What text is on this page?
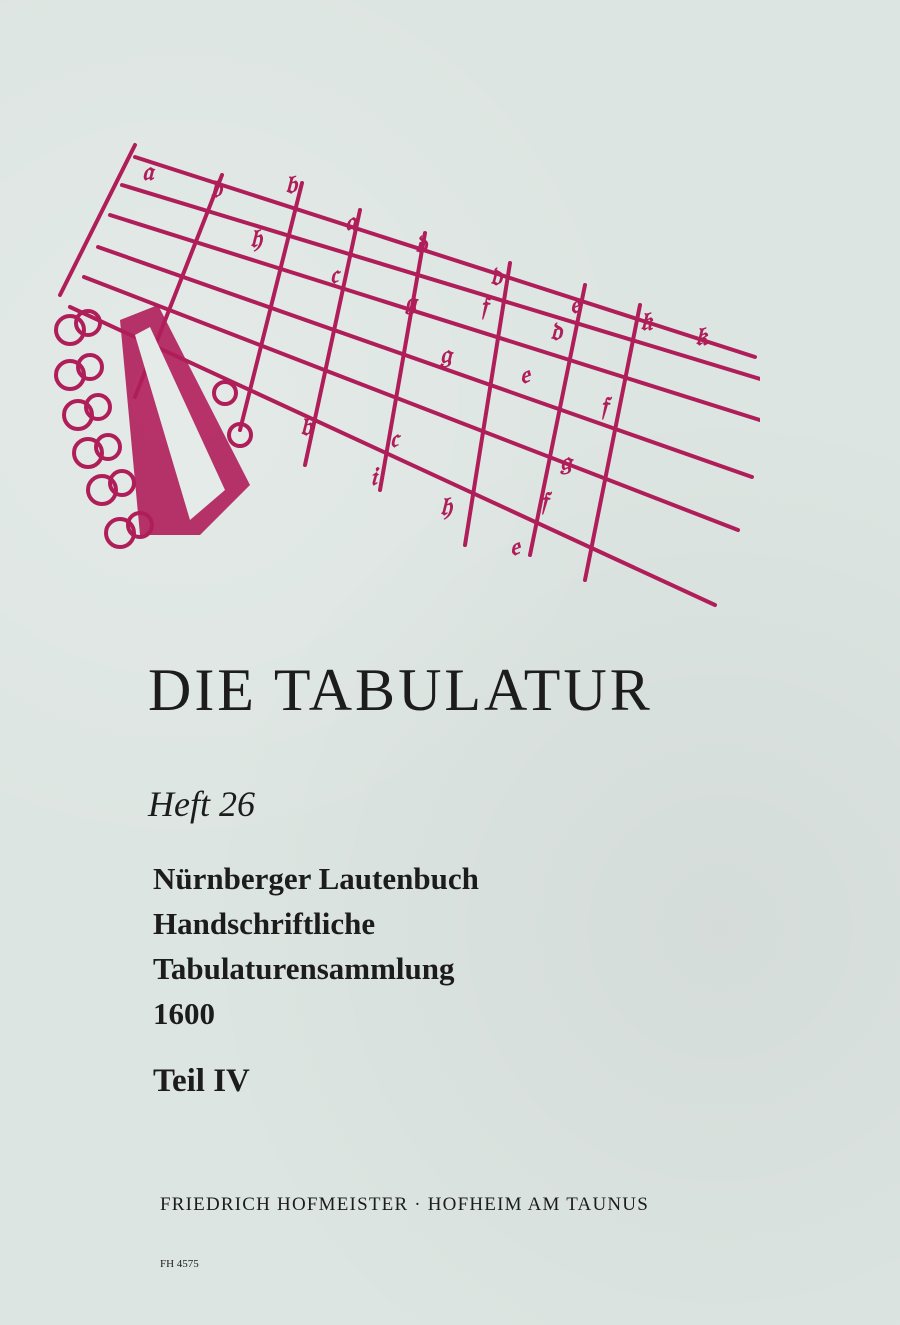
𝔞
𝔟 𝔟
𝔞
𝔡
𝔡
𝔢
𝔨 𝔨
𝔥
𝔠
𝔤 𝔣
𝔡
𝔤
𝔢
𝔣
𝔟	𝔠
𝔤
𝔣
𝔢
𝔥
𝔦
DIE TABULATUR

Heft 26

Nürnberger Lautenbuch
Handschriftliche
Tabulaturensammlung
1600

Teil IV

FRIEDRICH HOFMEISTER · HOFHEIM AM TAUNUS

FH 4575
